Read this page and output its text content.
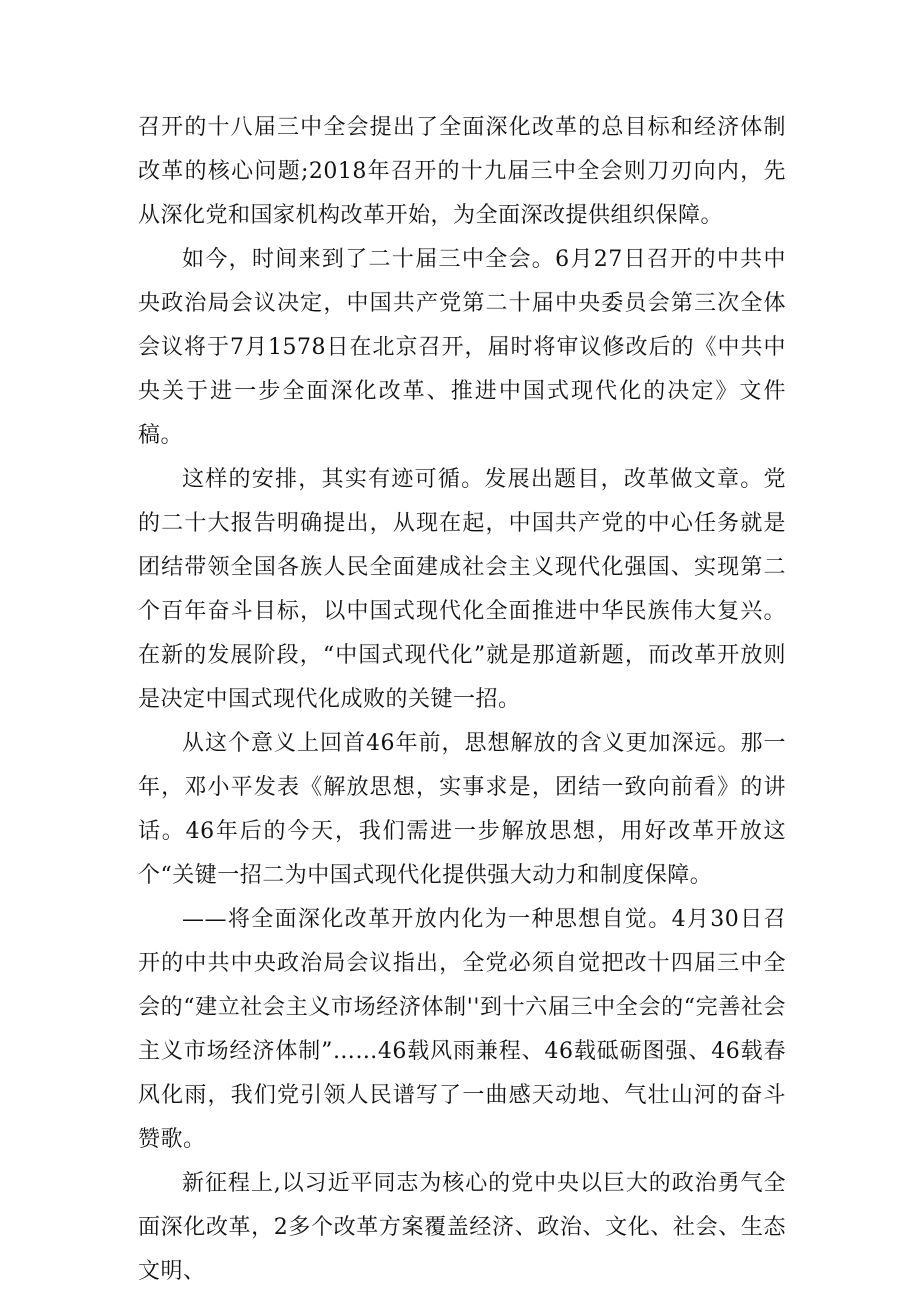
召开的十八届三中全会提出了全面深化改革的总目标和经济体制改革的核心问题;2018年召开的十九届三中全会则刀刃向内，先从深化党和国家机构改革开始，为全面深改提供组织保障。

如今，时间来到了二十届三中全会。6月27日召开的中共中央政治局会议决定，中国共产党第二十届中央委员会第三次全体会议将于7月1578日在北京召开，届时将审议修改后的《中共中央关于进一步全面深化改革、推进中国式现代化的决定》文件稿。

这样的安排，其实有迹可循。发展出题目，改革做文章。党的二十大报告明确提出，从现在起，中国共产党的中心任务就是团结带领全国各族人民全面建成社会主义现代化强国、实现第二个百年奋斗目标，以中国式现代化全面推进中华民族伟大复兴。在新的发展阶段，“中国式现代化”就是那道新题，而改革开放则是决定中国式现代化成败的关键一招。

从这个意义上回首46年前，思想解放的含义更加深远。那一年，邓小平发表《解放思想，实事求是，团结一致向前看》的讲话。46年后的今天，我们需进一步解放思想，用好改革开放这个“关键一招二为中国式现代化提供强大动力和制度保障。

——将全面深化改革开放内化为一种思想自觉。4月30日召开的中共中央政治局会议指出，全党必须自觉把改十四届三中全会的“建立社会主义市场经济体制''到十六届三中全会的“完善社会主义市场经济体制”……46载风雨兼程、46载砥砺图强、46载春风化雨，我们党引领人民谱写了一曲感天动地、气壮山河的奋斗赞歌。

新征程上,以习近平同志为核心的党中央以巨大的政治勇气全面深化改革，2多个改革方案覆盖经济、政治、文化、社会、生态文明、
